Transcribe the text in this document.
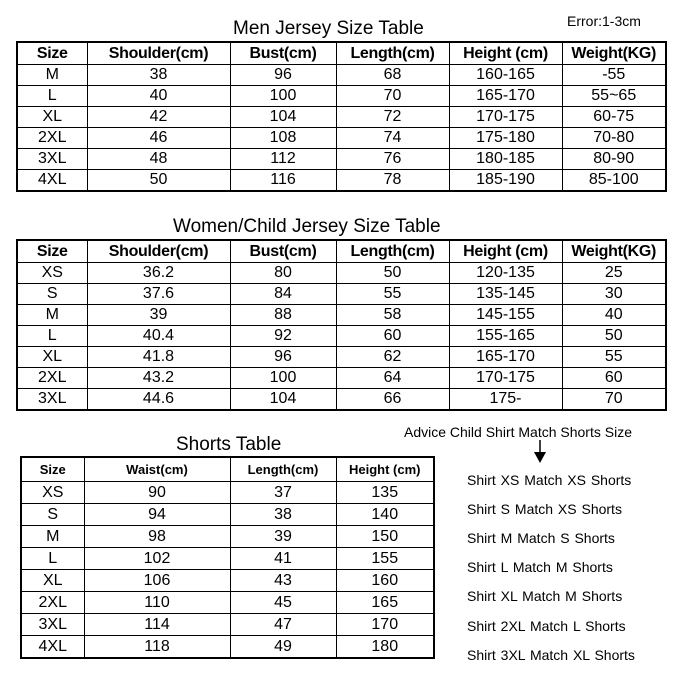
Men Jersey Size Table	Error:1-3cm
Size	Shoulder(cm)	Bust(cm)	Length(cm)	Height (cm)	Weight(KG)
M	38	96	68	160-165	-55
L	40	100	70	165-170	55~65
XL	42	104	72	170-175	60-75
2XL	46	108	74	175-180	70-80
3XL	48	112	76	180-185	80-90
4XL	50	116	78	185-190	85-100
Women/Child Jersey Size Table
Size	Shoulder(cm)	Bust(cm)	Length(cm)	Height (cm)	Weight(KG)
XS	36.2	80	50	120-135	25
S	37.6	84	55	135-145	30
M	39	88	58	145-155	40
L	40.4	92	60	155-165	50
XL	41.8	96	62	165-170	55
2XL	43.2	100	64	170-175	60
3XL	44.6	104	66	175-	70
Shorts Table
Size	Waist(cm)	Length(cm)	Height (cm)
XS	90	37	135
S	94	38	140
M	98	39	150
L	102	41	155
XL	106	43	160
2XL	110	45	165
3XL	114	47	170
4XL	118	49	180
Advice Child Shirt Match Shorts Size
Shirt XS Match XS Shorts
Shirt S Match XS Shorts
Shirt M Match S Shorts
Shirt L Match M Shorts
Shirt XL Match M Shorts
Shirt 2XL Match L Shorts
Shirt 3XL Match XL Shorts
